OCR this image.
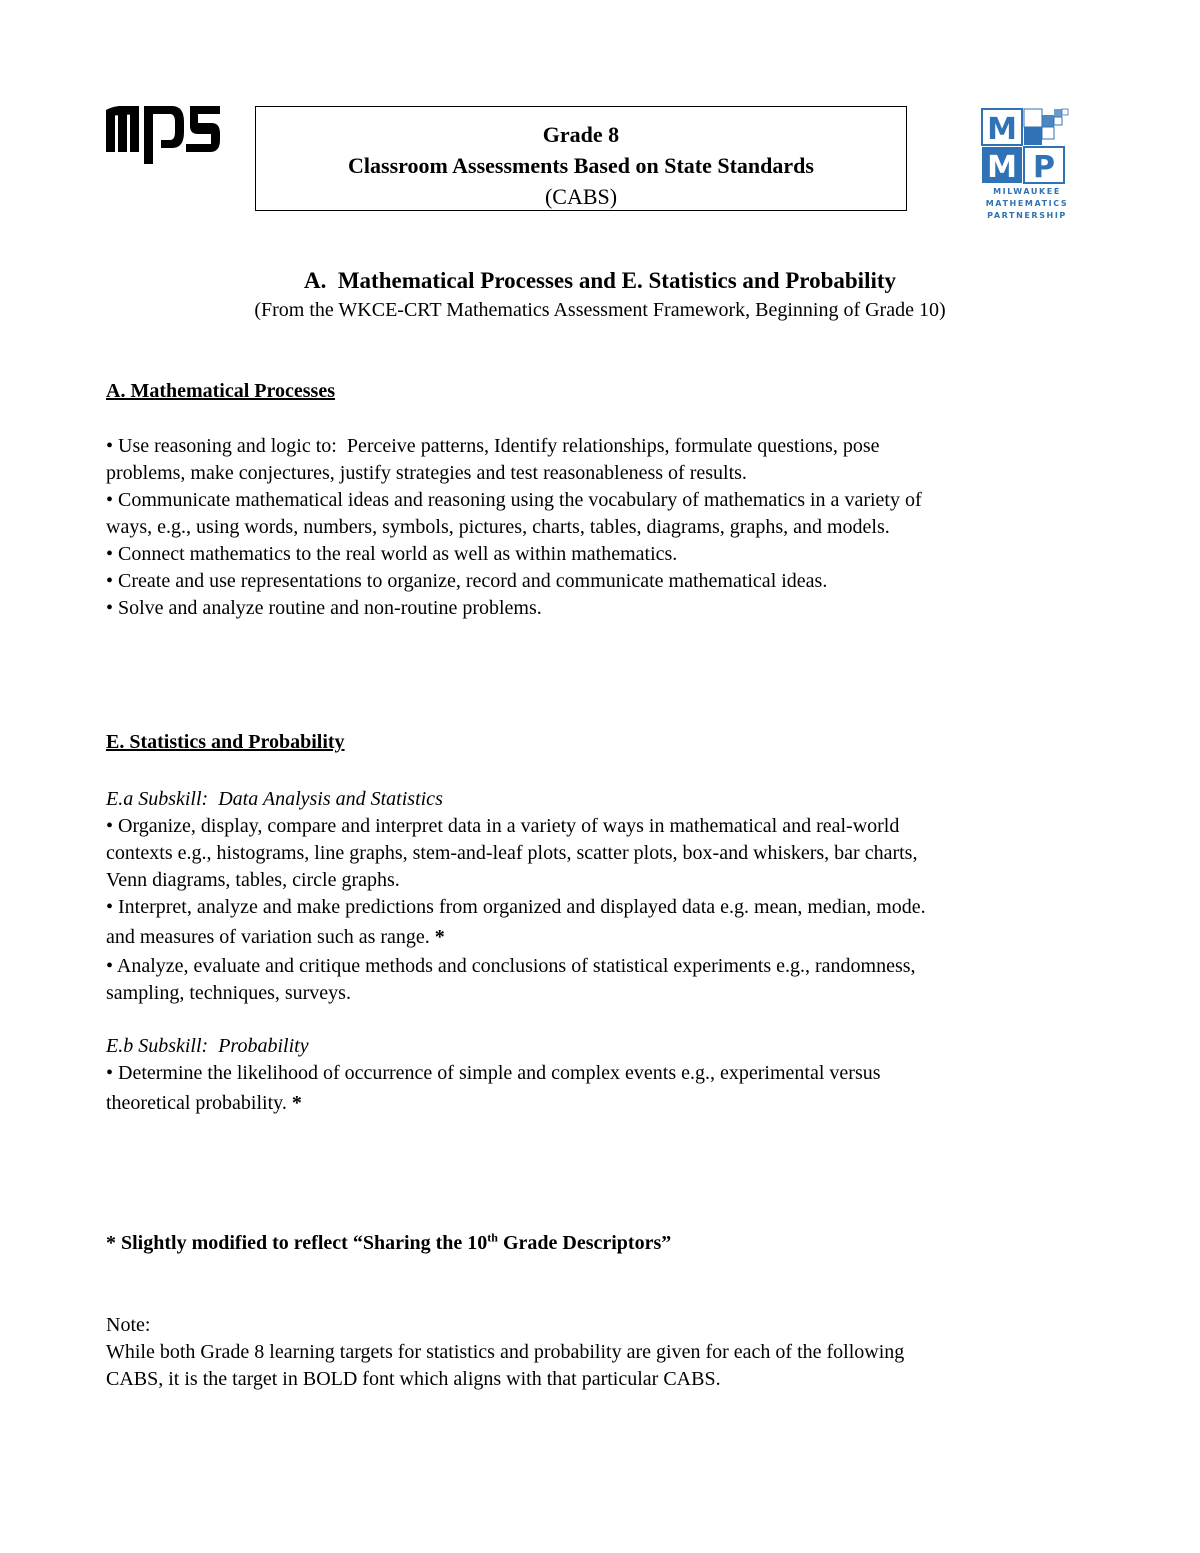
Grade 8
Classroom Assessments Based on State Standards
(CABS)
M
M P
MILWAUKEE
MATHEMATICS
PARTNERSHIP
A.  Mathematical Processes and E. Statistics and Probability
(From the WKCE-CRT Mathematics Assessment Framework, Beginning of Grade 10)
A. Mathematical Processes
• Use reasoning and logic to:  Perceive patterns, Identify relationships, formulate questions, pose
problems, make conjectures, justify strategies and test reasonableness of results.
• Communicate mathematical ideas and reasoning using the vocabulary of mathematics in a variety of
ways, e.g., using words, numbers, symbols, pictures, charts, tables, diagrams, graphs, and models.
• Connect mathematics to the real world as well as within mathematics.
• Create and use representations to organize, record and communicate mathematical ideas.
• Solve and analyze routine and non-routine problems.
E. Statistics and Probability
E.a Subskill:  Data Analysis and Statistics
• Organize, display, compare and interpret data in a variety of ways in mathematical and real-world
contexts e.g., histograms, line graphs, stem-and-leaf plots, scatter plots, box-and whiskers, bar charts,
Venn diagrams, tables, circle graphs.
• Interpret, analyze and make predictions from organized and displayed data e.g. mean, median, mode.
and measures of variation such as range. *
• Analyze, evaluate and critique methods and conclusions of statistical experiments e.g., randomness,
sampling, techniques, surveys.
E.b Subskill:  Probability
• Determine the likelihood of occurrence of simple and complex events e.g., experimental versus
theoretical probability. *
* Slightly modified to reflect “Sharing the 10th Grade Descriptors”
Note:
While both Grade 8 learning targets for statistics and probability are given for each of the following
CABS, it is the target in BOLD font which aligns with that particular CABS.
